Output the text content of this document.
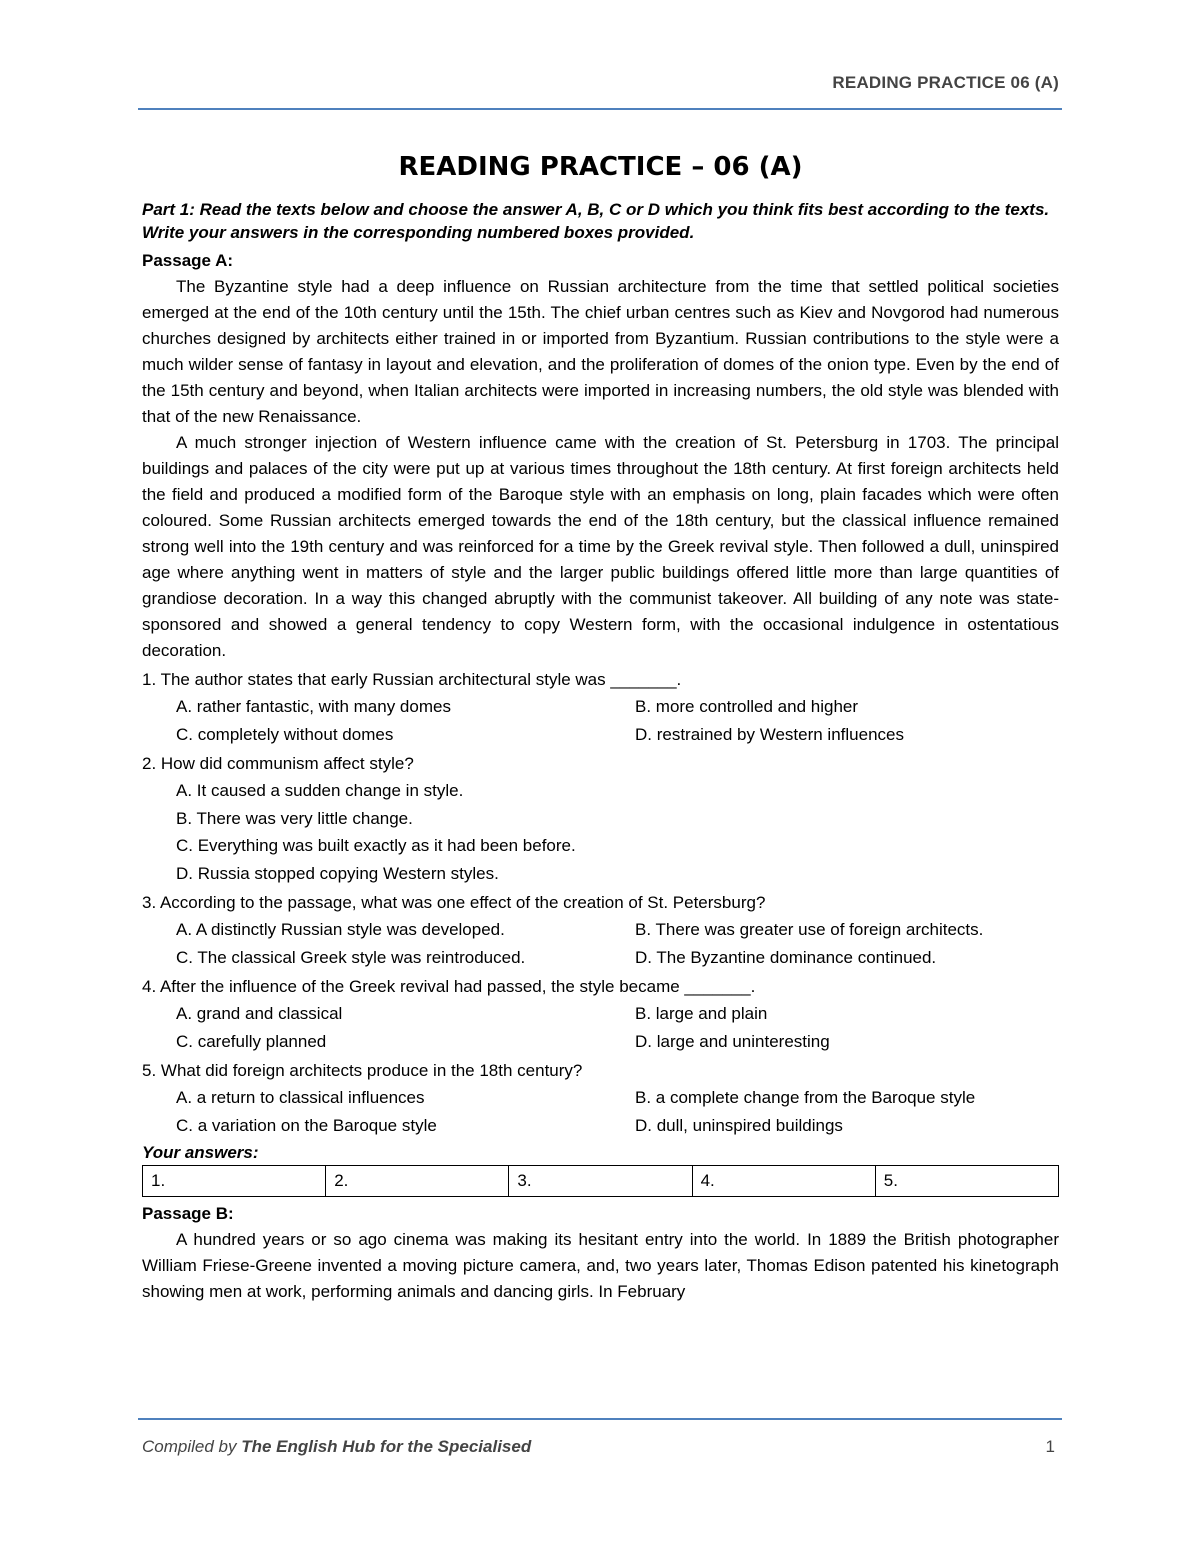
READING PRACTICE 06 (A)
READING PRACTICE – 06 (A)
Part 1: Read the texts below and choose the answer A, B, C or D which you think fits best according to the texts. Write your answers in the corresponding numbered boxes provided.
Passage A:

The Byzantine style had a deep influence on Russian architecture from the time that settled political societies emerged at the end of the 10th century until the 15th. The chief urban centres such as Kiev and Novgorod had numerous churches designed by architects either trained in or imported from Byzantium. Russian contributions to the style were a much wilder sense of fantasy in layout and elevation, and the proliferation of domes of the onion type. Even by the end of the 15th century and beyond, when Italian architects were imported in increasing numbers, the old style was blended with that of the new Renaissance.

A much stronger injection of Western influence came with the creation of St. Petersburg in 1703. The principal buildings and palaces of the city were put up at various times throughout the 18th century. At first foreign architects held the field and produced a modified form of the Baroque style with an emphasis on long, plain facades which were often coloured. Some Russian architects emerged towards the end of the 18th century, but the classical influence remained strong well into the 19th century and was reinforced for a time by the Greek revival style. Then followed a dull, uninspired age where anything went in matters of style and the larger public buildings offered little more than large quantities of grandiose decoration. In a way this changed abruptly with the communist takeover. All building of any note was state-sponsored and showed a general tendency to copy Western form, with the occasional indulgence in ostentatious decoration.

1. The author states that early Russian architectural style was _______.
A. rather fantastic, with many domes	B. more controlled and higher
C. completely without domes	D. restrained by Western influences
2. How did communism affect style?
A. It caused a sudden change in style.
B. There was very little change.
C. Everything was built exactly as it had been before.
D. Russia stopped copying Western styles.
3. According to the passage, what was one effect of the creation of St. Petersburg?
A. A distinctly Russian style was developed.	B. There was greater use of foreign architects.
C. The classical Greek style was reintroduced.	D. The Byzantine dominance continued.
4. After the influence of the Greek revival had passed, the style became _______.
A. grand and classical	B. large and plain
C. carefully planned	D. large and uninteresting
5. What did foreign architects produce in the 18th century?
A. a return to classical influences	B. a complete change from the Baroque style
C. a variation on the Baroque style	D. dull, uninspired buildings
Your answers:
1.	2.	3.	4.	5.
Passage B:

A hundred years or so ago cinema was making its hesitant entry into the world. In 1889 the British photographer William Friese-Greene invented a moving picture camera, and, two years later, Thomas Edison patented his kinetograph showing men at work, performing animals and dancing girls. In February

Compiled by The English Hub for the Specialised	1
